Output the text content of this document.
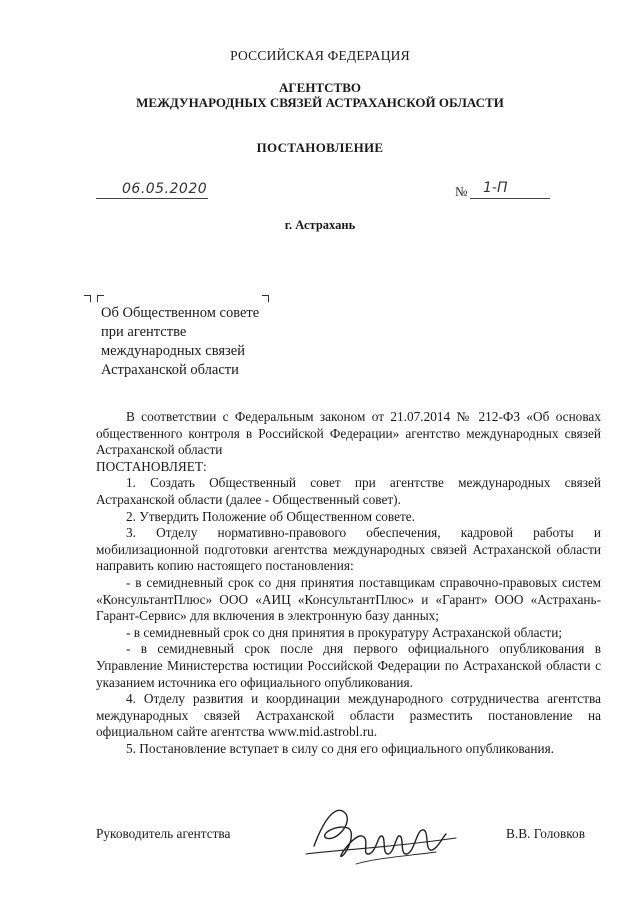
РОССИЙСКАЯ ФЕДЕРАЦИЯ
АГЕНТСТВО
МЕЖДУНАРОДНЫХ СВЯЗЕЙ АСТРАХАНСКОЙ ОБЛАСТИ
ПОСТАНОВЛЕНИЕ
06.05.2020	№ 1-П
г. Астрахань
Об Общественном совете
при агентстве
международных связей
Астраханской области

В соответствии с Федеральным законом от 21.07.2014 № 212-ФЗ «Об основах общественного контроля в Российской Федерации» агентство международных связей Астраханской области

ПОСТАНОВЛЯЕТ:

1. Создать Общественный совет при агентстве международных связей Астраханской области (далее - Общественный совет).

2. Утвердить Положение об Общественном совете.

3. Отделу нормативно-правового обеспечения, кадровой работы и мобилизационной подготовки агентства международных связей Астраханской области направить копию настоящего постановления:

- в семидневный срок со дня принятия поставщикам справочно-правовых систем «КонсультантПлюс» ООО «АИЦ «КонсультантПлюс» и «Гарант» ООО «Астрахань-Гарант-Сервис» для включения в электронную базу данных;

- в семидневный срок со дня принятия в прокуратуру Астраханской области;

- в семидневный срок после дня первого официального опубликования в Управление Министерства юстиции Российской Федерации по Астраханской области с указанием источника его официального опубликования.

4. Отделу развития и координации международного сотрудничества агентства международных связей Астраханской области разместить постановление на официальном сайте агентства www.mid.astrobl.ru.

5. Постановление вступает в силу со дня его официального опубликования.

Руководитель агентства	В.В. Головков
